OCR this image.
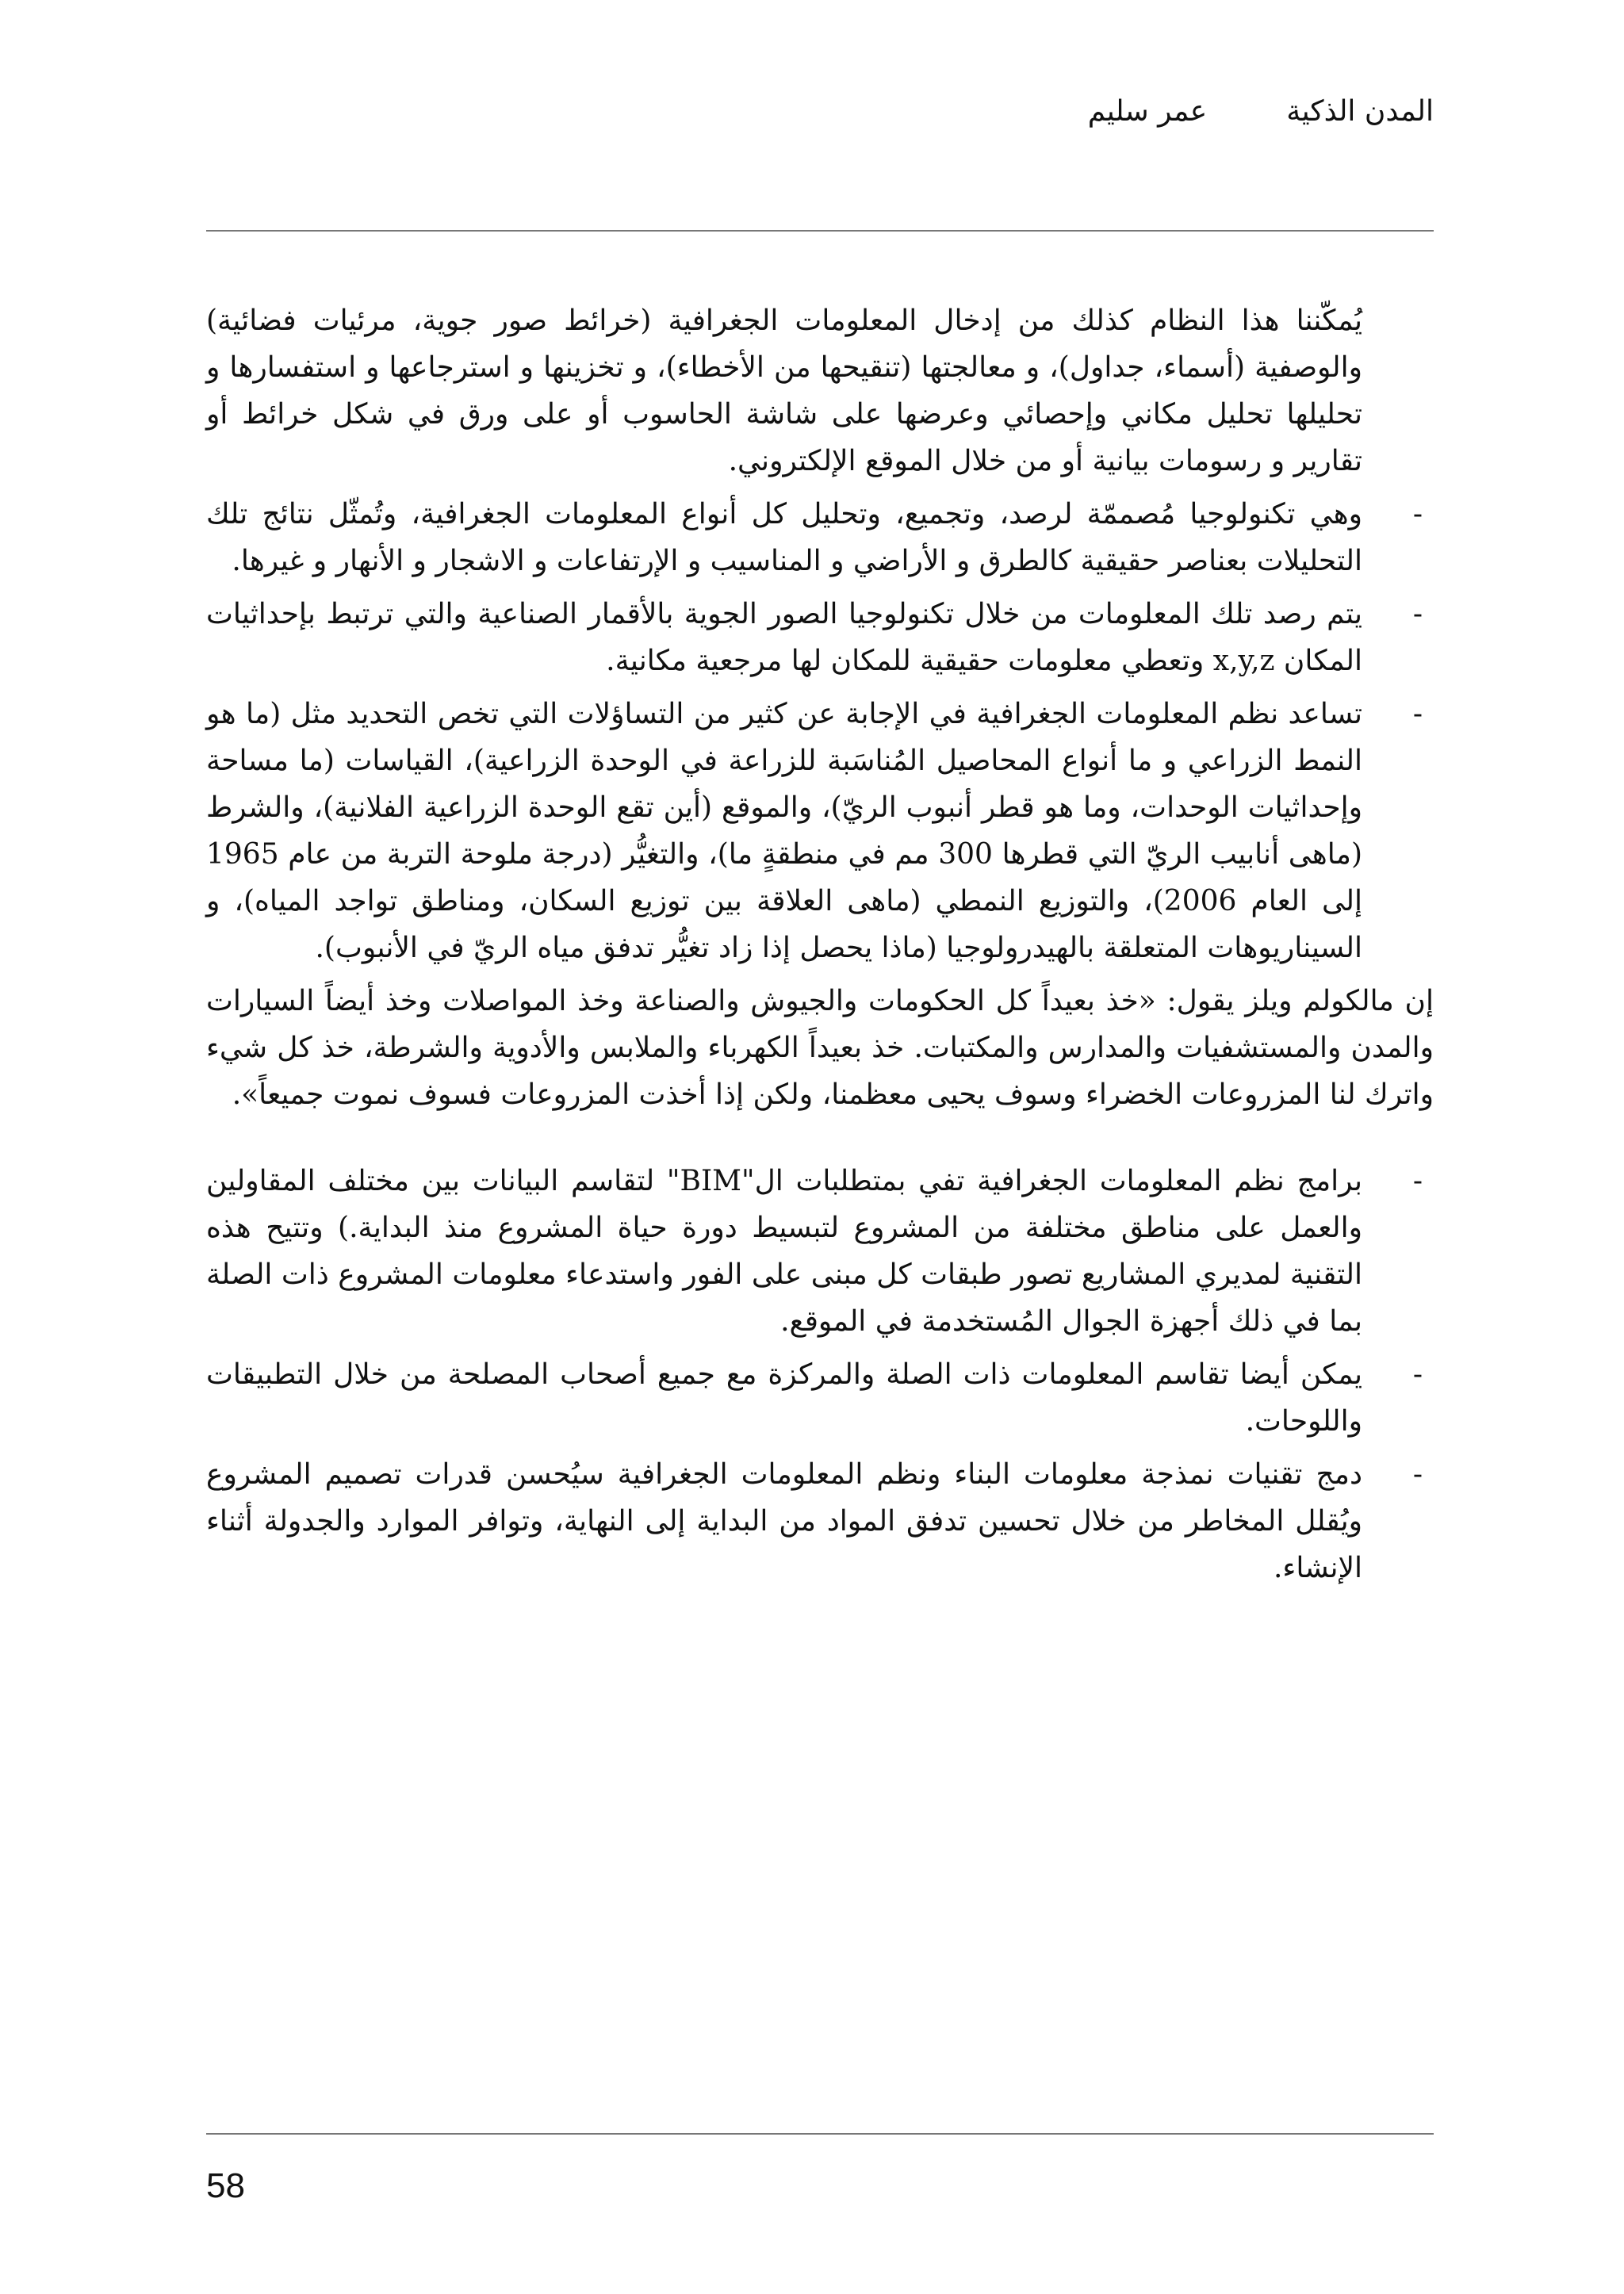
المدن الذكيةعمر سليم

يُمكّننا هذا النظام كذلك من إدخال المعلومات الجغرافية (خرائط صور جوية، مرئيات فضائية) والوصفية (أسماء، جداول)، و معالجتها (تنقيحها من الأخطاء)، و تخزينها و استرجاعها و استفسارها و تحليلها تحليل مكاني وإحصائي وعرضها على شاشة الحاسوب أو على ورق في شكل خرائط أو تقارير و رسومات بيانية أو من خلال الموقع الإلكتروني.

-
وهي تكنولوجيا مُصممّة لرصد، وتجميع، وتحليل كل أنواع المعلومات الجغرافية، وتُمثّل نتائج تلك التحليلات بعناصر حقيقية كالطرق و الأراضي و المناسيب و الإرتفاعات و الاشجار و الأنهار و غيرها.
-
يتم رصد تلك المعلومات من خلال تكنولوجيا الصور الجوية بالأقمار الصناعية والتي ترتبط بإحداثيات المكان x,y,z وتعطي معلومات حقيقية للمكان لها مرجعية مكانية.
-
تساعد نظم المعلومات الجغرافية في الإجابة عن كثير من التساؤلات التي تخص التحديد مثل (ما هو النمط الزراعي و ما أنواع المحاصيل المُناسَبة للزراعة في الوحدة الزراعية)، القياسات (ما مساحة وإحداثيات الوحدات، وما هو قطر أنبوب الريّ)، والموقع (أين تقع الوحدة الزراعية الفلانية)، والشرط (ماهى أنابيب الريّ التي قطرها 300 مم في منطقةٍ ما)، والتغيُّر (درجة ملوحة التربة من عام 1965 إلى العام 2006)، والتوزيع النمطي (ماهى العلاقة بين توزيع السكان، ومناطق تواجد المياه)، و السيناريوهات المتعلقة بالهيدرولوجيا (ماذا يحصل إذا زاد تغيُّر تدفق مياه الريّ في الأنبوب).

إن مالكولم ويلز يقول: «خذ بعيداً كل الحكومات والجيوش والصناعة وخذ المواصلات وخذ أيضاً السيارات والمدن والمستشفيات والمدارس والمكتبات. خذ بعيداً الكهرباء والملابس والأدوية والشرطة، خذ كل شيء واترك لنا المزروعات الخضراء وسوف يحيى معظمنا، ولكن إذا أخذت المزروعات فسوف نموت جميعاً».

-
برامج نظم المعلومات الجغرافية تفي بمتطلبات ال"BIM" لتقاسم البيانات بين مختلف المقاولين والعمل على مناطق مختلفة من المشروع لتبسيط دورة حياة المشروع منذ البداية.) وتتيح هذه التقنية لمديري المشاريع تصور طبقات كل مبنى على الفور واستدعاء معلومات المشروع ذات الصلة بما في ذلك أجهزة الجوال المُستخدمة في الموقع.
-
يمكن أيضا تقاسم المعلومات ذات الصلة والمركزة مع جميع أصحاب المصلحة من خلال التطبيقات واللوحات.
-
دمج تقنيات نمذجة معلومات البناء ونظم المعلومات الجغرافية سيُحسن قدرات تصميم المشروع ويُقلل المخاطر من خلال تحسين تدفق المواد من البداية إلى النهاية، وتوافر الموارد والجدولة أثناء الإنشاء.
58
